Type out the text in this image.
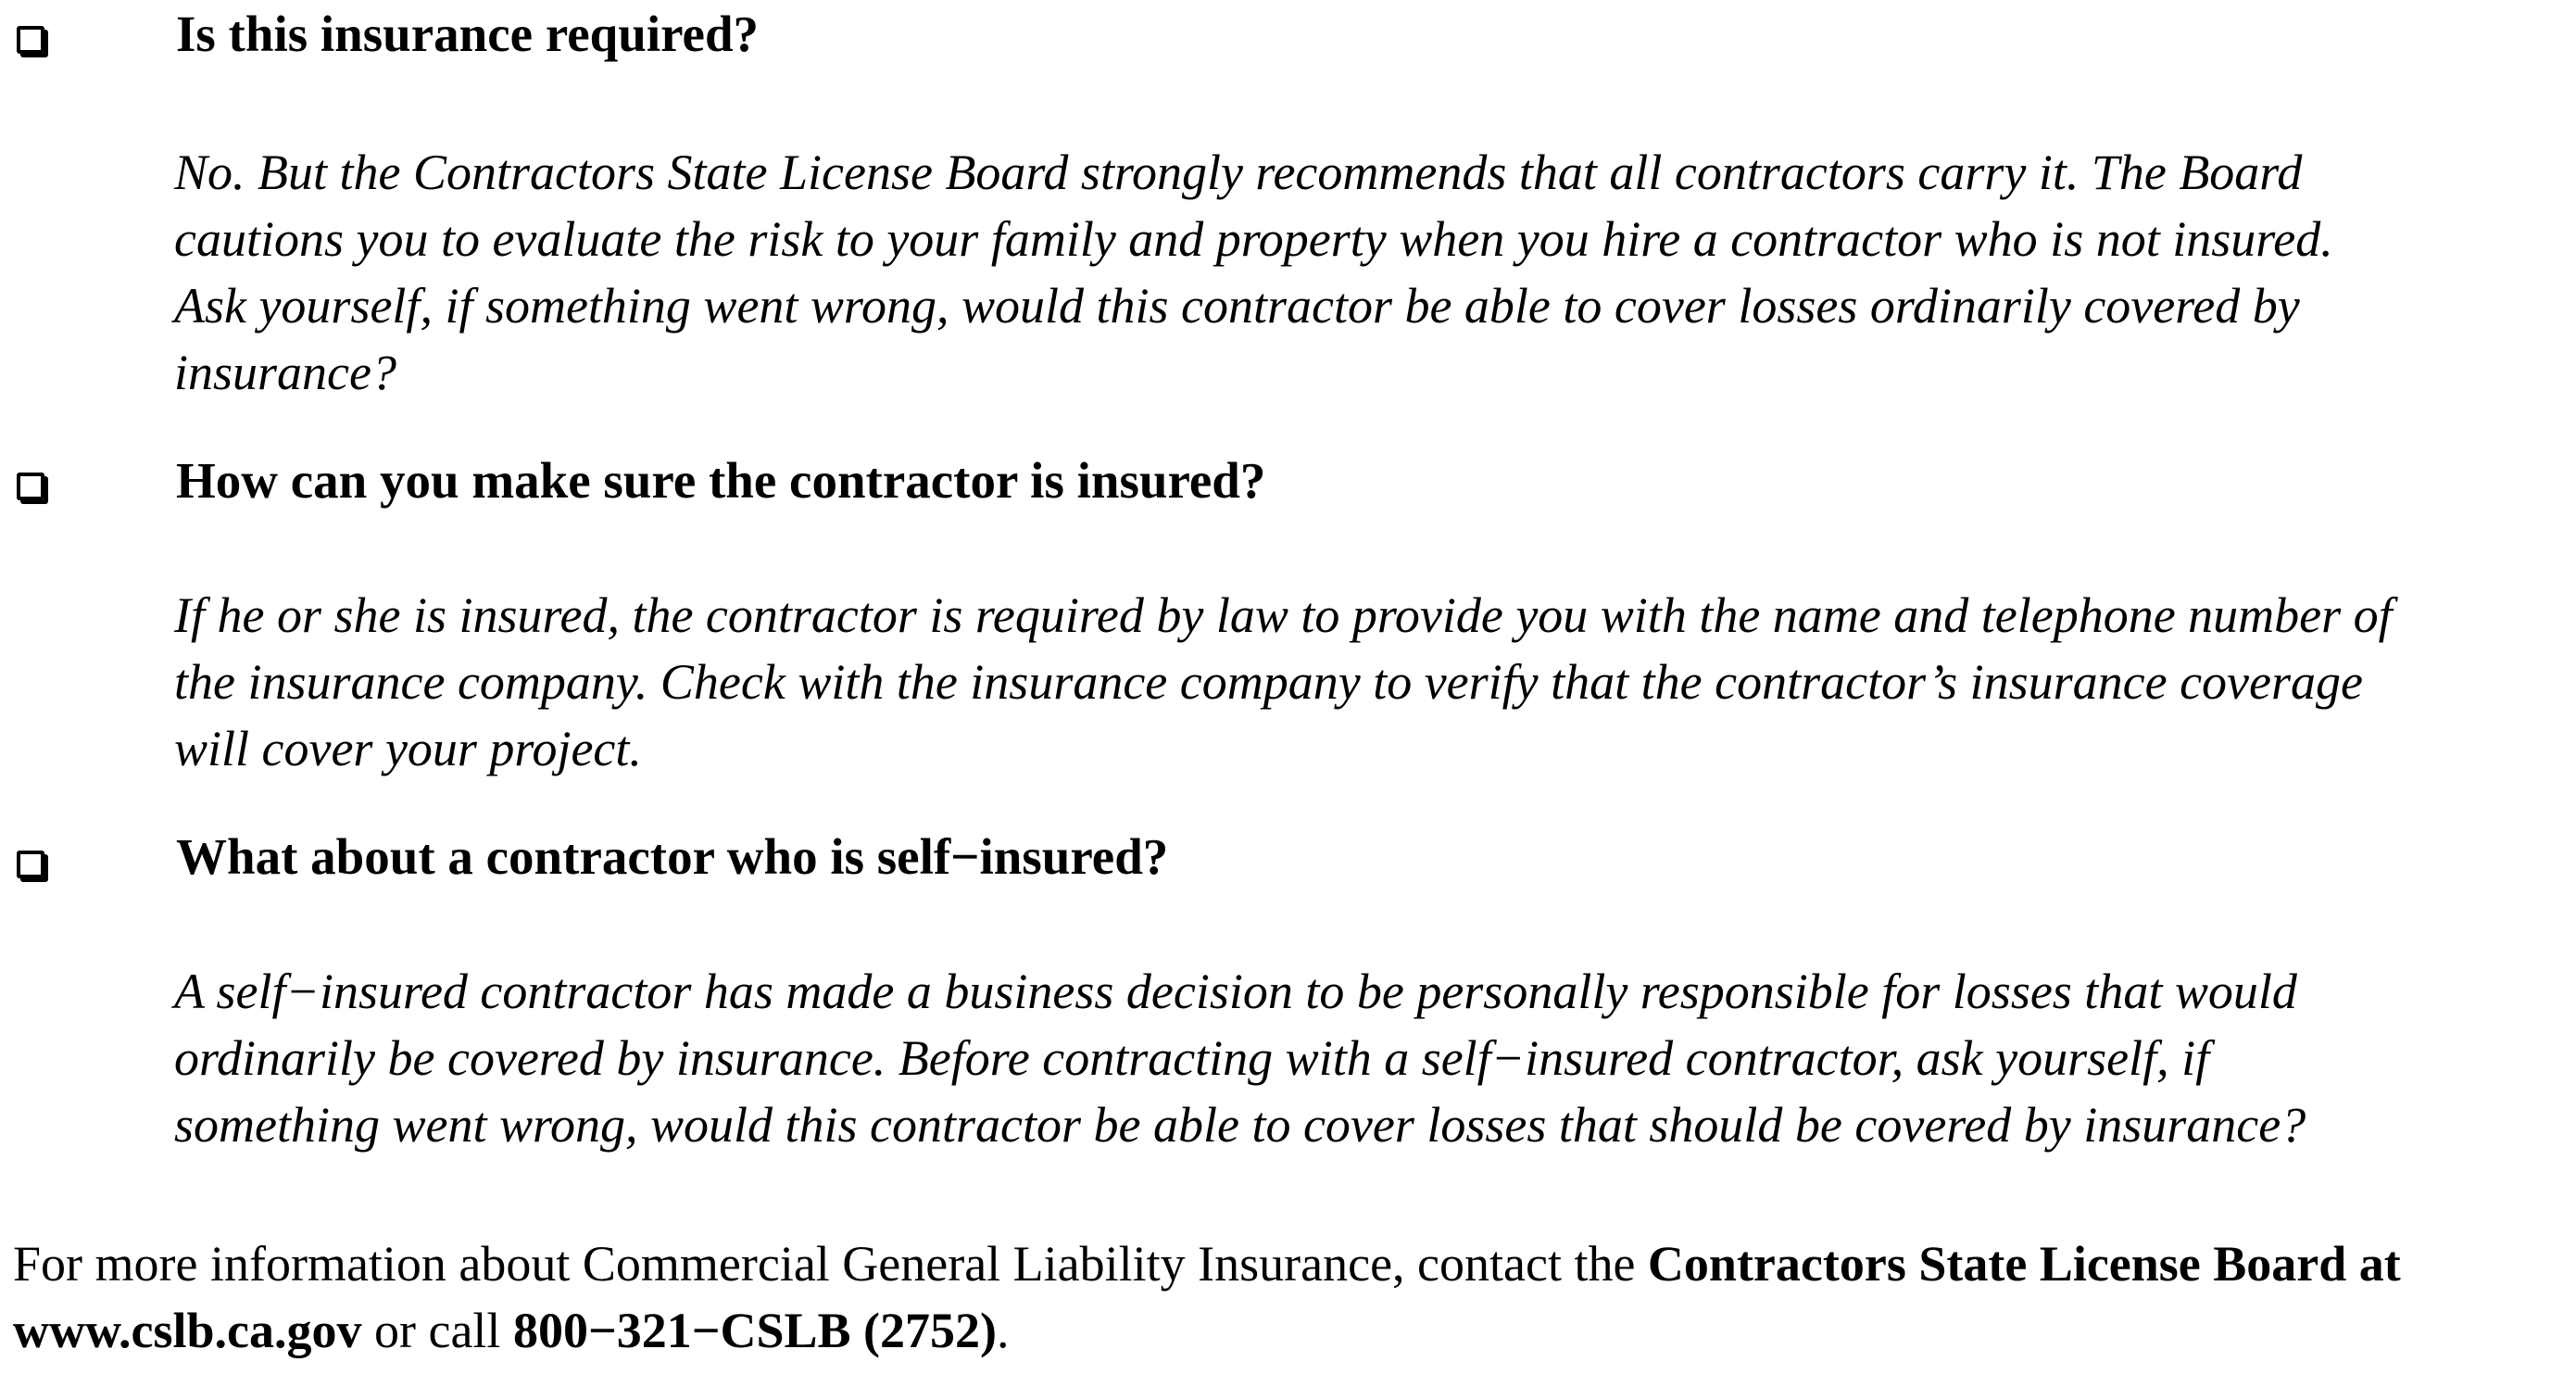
Is this insurance required?

No. But the Contractors State License Board strongly recommends that all contractors carry it. The Board
cautions you to evaluate the risk to your family and property when you hire a contractor who is not insured.
Ask yourself, if something went wrong, would this contractor be able to cover losses ordinarily covered by
insurance?

How can you make sure the contractor is insured?

If he or she is insured, the contractor is required by law to provide you with the name and telephone number of
the insurance company. Check with the insurance company to verify that the contractor’s insurance coverage
will cover your project.

What about a contractor who is self−insured?

A self−insured contractor has made a business decision to be personally responsible for losses that would
ordinarily be covered by insurance. Before contracting with a self−insured contractor, ask yourself, if
something went wrong, would this contractor be able to cover losses that should be covered by insurance?

For more information about Commercial General Liability Insurance, contact the Contractors State License Board at
www.cslb.ca.gov or call 800−321−CSLB (2752).
